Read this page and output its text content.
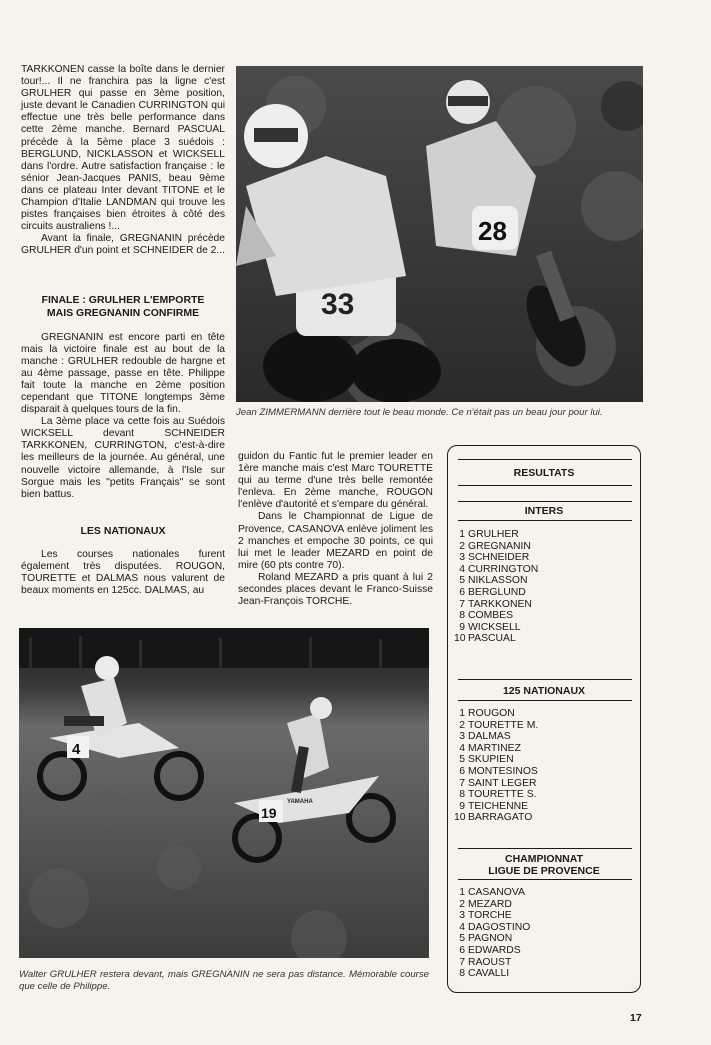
TARKKONEN casse la boîte dans le dernier tour!... Il ne franchira pas la ligne c'est GRULHER qui passe en 3ème position, juste devant le Canadien CURRINGTON qui effectue une très belle performance dans cette 2ème manche. Bernard PASCUAL précède à la 5ème place 3 suédois : BERGLUND, NICKLASSON et WICKSELL dans l'ordre. Autre satisfaction française : le sénior Jean-Jacques PANIS, beau 9ème dans ce plateau Inter devant TITONE et le Champion d'Italie LANDMAN qui trouve les pistes françaises bien étroites à côté des circuits australiens !...

Avant la finale, GREGNANIN précède GRULHER d'un point et SCHNEIDER de 2...

FINALE : GRULHER L'EMPORTE

MAIS GREGNANIN CONFIRME

GREGNANIN est encore parti en tête mais la victoire finale est au bout de la manche : GRULHER redouble de hargne et au 4ème passage, passe en tête. Philippe fait toute la manche en 2ème position cependant que TITONE longtemps 3ème disparait à quelques tours de la fin.

La 3ème place va cette fois au Suédois WICKSELL devant SCHNEIDER TARKKONEN, CURRINGTON, c'est-à-dire les meilleurs de la journée. Au général, une nouvelle victoire allemande, à l'Isle sur Sorgue mais les "petits Français" se sont bien battus.

LES NATIONAUX

Les courses nationales furent également très disputées. ROUGON, TOURETTE et DALMAS nous valurent de beaux moments en 125cc. DALMAS, au

33
28
Jean ZIMMERMANN derrière tout le beau monde. Ce n'était pas un beau jour pour lui.

guidon du Fantic fut le premier leader en 1ère manche mais c'est Marc TOURETTE qui au terme d'une très belle remontée l'enleva. En 2ème manche, ROUGON l'enlève d'autorité et s'empare du général.

Dans le Championnat de Ligue de Provence, CASANOVA enlève joliment les 2 manches et empoche 30 points, ce qui lui met le leader MEZARD en point de mire (60 pts contre 70).

Roland MEZARD a pris quant à lui 2 secondes places devant le Franco-Suisse Jean-François TORCHE.

4
19
YAMAHA
Walter GRULHER restera devant, mais GREGNANIN ne sera pas distance. Mémorable course que celle de Philippe.
RESULTATS
INTERS
1 GRULHER
2 GREGNANIN
3 SCHNEIDER
4 CURRINGTON
5 NIKLASSON
6 BERGLUND
7 TARKKONEN
8 COMBES
9 WICKSELL
10 PASCUAL
125 NATIONAUX
1 ROUGON
2 TOURETTE M.
3 DALMAS
4 MARTINEZ
5 SKUPIEN
6 MONTESINOS
7 SAINT LEGER
8 TOURETTE S.
9 TEICHENNE
10 BARRAGATO
CHAMPIONNAT
LIGUE DE PROVENCE
1 CASANOVA
2 MEZARD
3 TORCHE
4 DAGOSTINO
5 PAGNON
6 EDWARDS
7 RAOUST
8 CAVALLI
17
